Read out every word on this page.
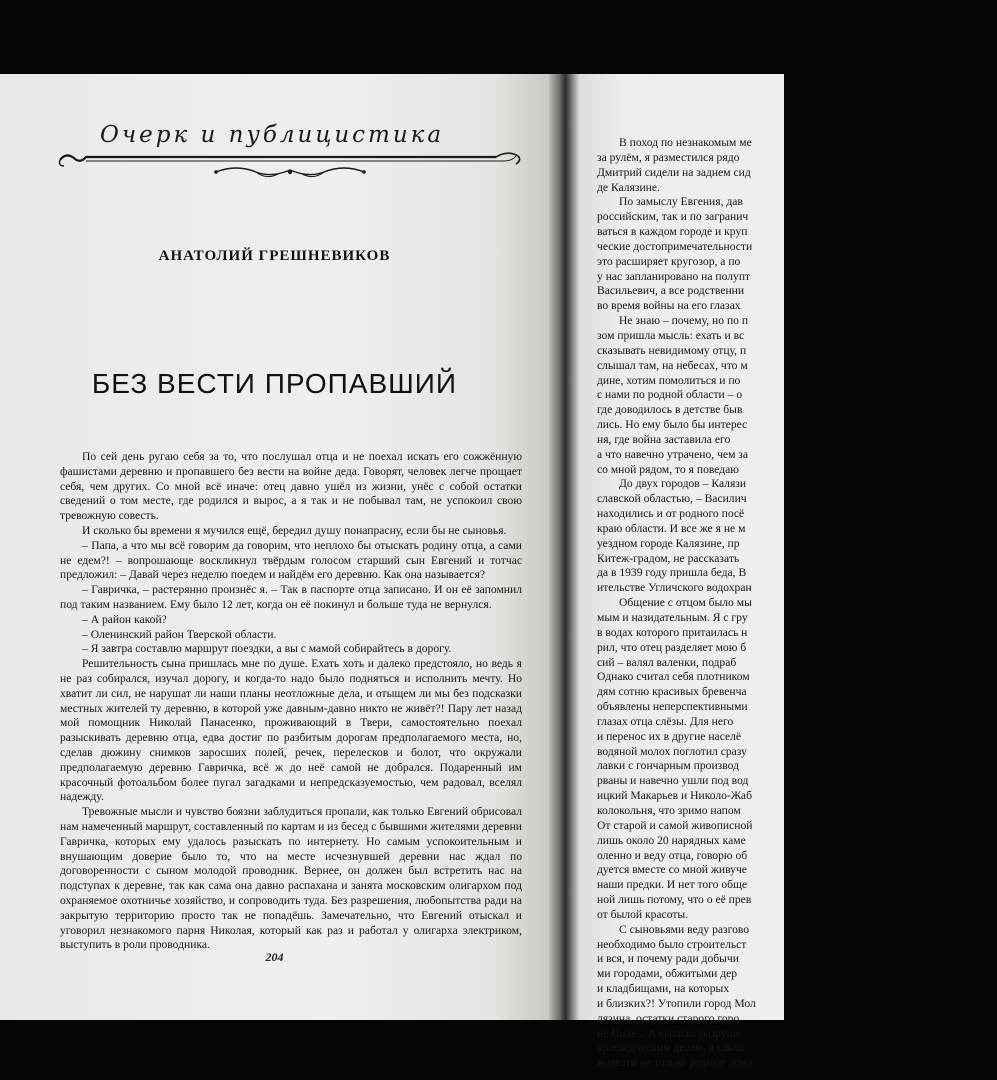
Очерк и публицистика
АНАТОЛИЙ ГРЕШНЕВИКОВ
БЕЗ ВЕСТИ ПРОПАВШИЙ

По сей день ругаю себя за то, что послушал отца и не поехал искать его сожжённую фашистами деревню и пропавшего без вести на войне деда. Говорят, человек легче прощает себя, чем других. Со мной всё иначе: отец давно ушёл из жизни, унёс с собой остатки сведений о том месте, где родился и вырос, а я так и не побывал там, не успокоил свою тревожную совесть.

И сколько бы времени я мучился ещё, бередил душу понапрасну, если бы не сыновья.

– Папа, а что мы всё говорим да говорим, что неплохо бы отыскать родину отца, а сами не едем?! – вопрошающе воскликнул твёрдым голосом старший сын Евгений и тотчас предложил: – Давай через неделю поедем и найдём его деревню. Как она называется?

– Гавричка, – растерянно произнёс я. – Так в паспорте отца записано. И он её запомнил под таким названием. Ему было 12 лет, когда он её покинул и больше туда не вернулся.

– А район какой?

– Оленинский район Тверской области.

– Я завтра составлю маршрут поездки, а вы с мамой собирайтесь в дорогу.

Решительность сына пришлась мне по душе. Ехать хоть и далеко предстояло, но ведь я не раз собирался, изучал дорогу, и когда-то надо было подняться и исполнить мечту. Но хватит ли сил, не нарушат ли наши планы неотложные дела, и отыщем ли мы без подсказки местных жителей ту деревню, в которой уже давным-давно никто не живёт?! Пару лет назад мой помощник Николай Панасенко, проживающий в Твери, самостоятельно поехал разыскивать деревню отца, едва достиг по разбитым дорогам предполагаемого места, но, сделав дюжину снимков заросших полей, речек, перелесков и болот, что окружали предполагаемую деревню Гавричка, всё ж до неё самой не добрался. Подаренный им красочный фотоальбом более пугал загадками и непредсказуемостью, чем радовал, вселял надежду.

Тревожные мысли и чувство боязни заблудиться пропали, как только Евгений обрисовал нам намеченный маршрут, составленный по картам и из бесед с бывшими жителями деревни Гавричка, которых ему удалось разыскать по интернету. Но самым успокоительным и внушающим доверие было то, что на месте исчезнувшей деревни нас ждал по договоренности с сыном молодой проводник. Вернее, он должен был встретить нас на подступах к деревне, так как сама она давно распахана и занята московским олигархом под охраняемое охотничье хозяйство, и сопроводить туда. Без разрешения, любопытства ради на закрытую территорию просто так не попадёшь. Замечательно, что Евгений отыскал и уговорил незнакомого парня Николая, который как раз и работал у олигарха электриком, выступить в роли проводника.

204
В поход по незнакомым ме
за рулём, я разместился рядо
Дмитрий сидели на заднем сид
де Калязине.
По замыслу Евгения, дав
российским, так и по загранич
ваться в каждом городе и круп
ческие достопримечательности
это расширяет кругозор, а по
у нас запланировано на полупт
Васильевич, а все родственни
во время войны на его глазах
Не знаю – почему, но по п
зом пришла мысль: ехать и вс
сказывать невидимому отцу, п
слышал там, на небесах, что м
дине, хотим помолиться и по
с нами по родной области – о
где доводилось в детстве быв
лись. Но ему было бы интерес
ня, где война заставила его
а что навечно утрачено, чем за
со мной рядом, то я поведаю
До двух городов – Калязи
славской областью, – Василич
находились и от родного посё
краю области. И все же я не м
уездном городе Калязине, пр
Китеж-градом, не рассказать
да в 1939 году пришла беда, В
ительстве Угличского водохран
Общение с отцом было мы
мым и назидательным. Я с гру
в водах которого притаилась н
рил, что отец разделяет мою б
сий – валял валенки, подраб
Однако считал себя плотником
дям сотню красивых бревенча
объявлены неперспективными
глазах отца слёзы. Для него
и перенос их в другие населё
водяной молох поглотил сразу
лавки с гончарным производ
рваны и навечно ушли под вод
ицкий Макарьев и Николо-Жаб
колокольня, что зримо напом
От старой и самой живописной
лишь около 20 нарядных каме
оленно и веду отца, говорю об
дуется вместе со мной живуче
наши предки. И нет того обще
ной лишь потому, что о её прев
от былой красоты.
С сыновьями веду разгово
необходимо было строительст
и вся, и почему ради добычи
ми городами, обжитыми дер
и кладбищами, на которых
и близких?! Утопили город Мол
лязина, остатки старого горо
не Поле... А сколько разруше
краеведческим делам, я слыш
вывезти не только родные дома
